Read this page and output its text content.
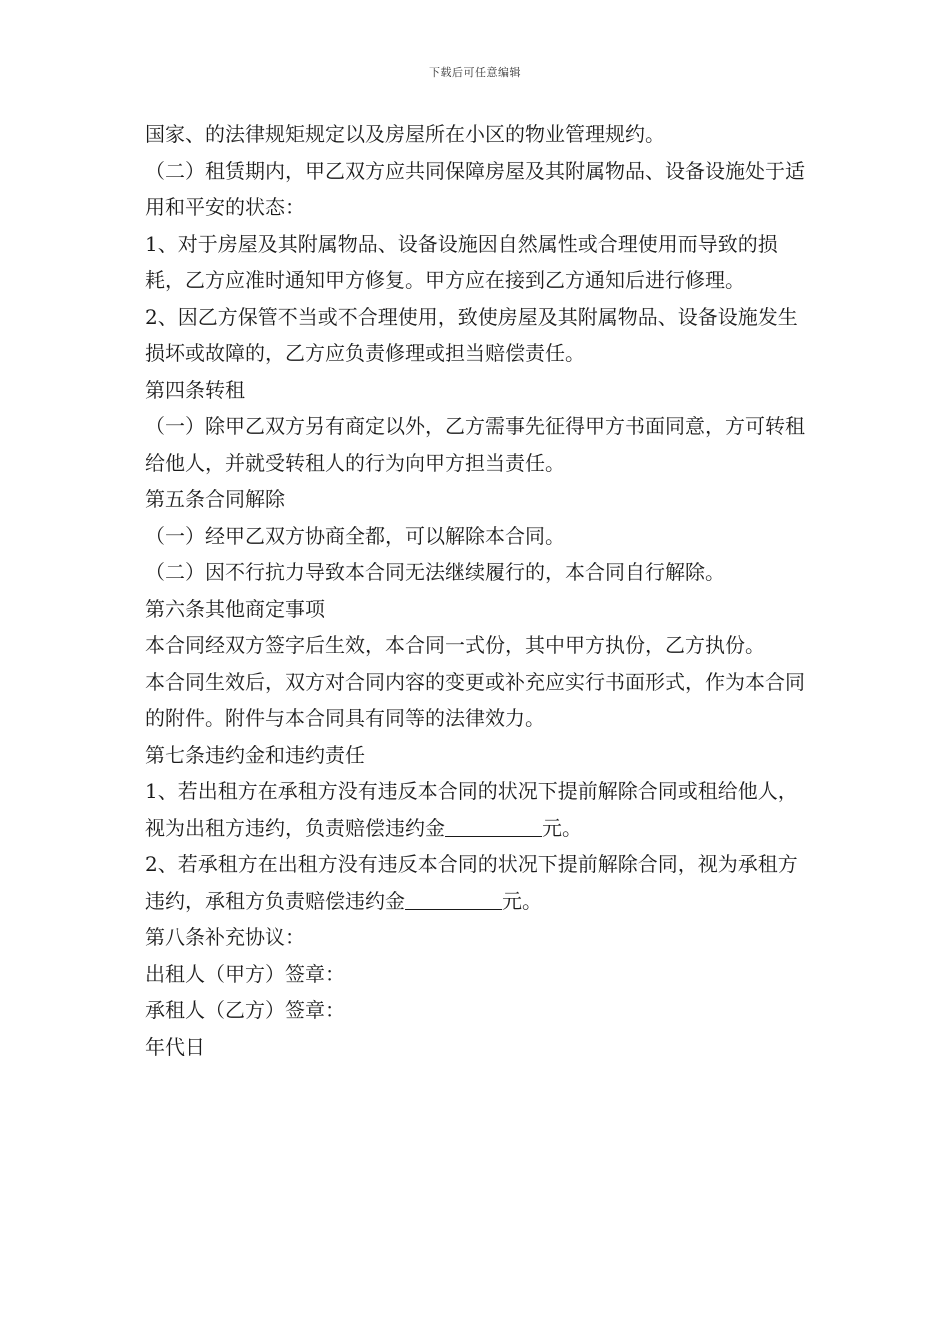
下载后可任意编辑

国家、的法律规矩规定以及房屋所在小区的物业管理规约。

（二）租赁期内，甲乙双方应共同保障房屋及其附属物品、设备设施处于适用和平安的状态：

1、对于房屋及其附属物品、设备设施因自然属性或合理使用而导致的损耗，乙方应准时通知甲方修复。甲方应在接到乙方通知后进行修理。

2、因乙方保管不当或不合理使用，致使房屋及其附属物品、设备设施发生损坏或故障的，乙方应负责修理或担当赔偿责任。

第四条转租

（一）除甲乙双方另有商定以外，乙方需事先征得甲方书面同意，方可转租给他人，并就受转租人的行为向甲方担当责任。

第五条合同解除

（一）经甲乙双方协商全都，可以解除本合同。

（二）因不行抗力导致本合同无法继续履行的，本合同自行解除。

第六条其他商定事项

本合同经双方签字后生效，本合同一式份，其中甲方执份，乙方执份。

本合同生效后，双方对合同内容的变更或补充应实行书面形式，作为本合同的附件。附件与本合同具有同等的法律效力。

第七条违约金和违约责任

1、若出租方在承租方没有违反本合同的状况下提前解除合同或租给他人，视为出租方违约，负责赔偿违约金	元。

2、若承租方在出租方没有违反本合同的状况下提前解除合同，视为承租方违约，承租方负责赔偿违约金	元。

第八条补充协议：

出租人（甲方）签章：

承租人（乙方）签章：

年代日
